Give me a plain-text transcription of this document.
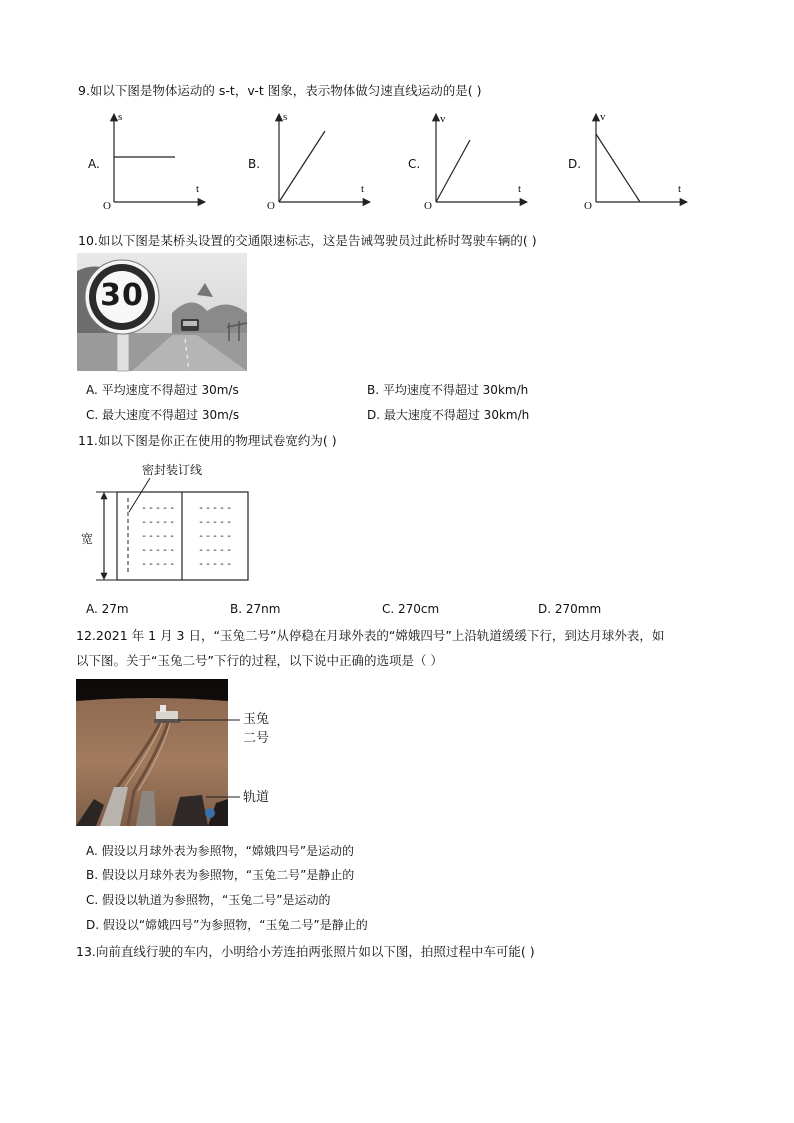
9.如以下图是物体运动的 s-t，v-t 图象，表示物体做匀速直线运动的是( )
A.
s
t
O
B.
s
t
O
C.
v
t
O
D.
v
t
O
10.如以下图是某桥头设置的交通限速标志，这是告诫驾驶员过此桥时驾驶车辆的( )
30
A. 平均速度不得超过 30m/s	B. 平均速度不得超过 30km/h
C. 最大速度不得超过 30m/s	D. 最大速度不得超过 30km/h
11.如以下图是你正在使用的物理试卷宽约为( )
密封装订线
宽
-----
-----
-----
-----
-----
-----
-----
-----
-----
-----
A. 27m	B. 27nm	C. 270cm	D. 270mm
12.2021 年 1 月 3 日，“玉兔二号”从停稳在月球外表的“嫦娥四号”上沿轨道缓缓下行，到达月球外表，如
以下图。关于“玉兔二号”下行的过程，以下说中正确的选项是（ ）
玉兔
二号
轨道
A. 假设以月球外表为参照物，“嫦娥四号”是运动的
B. 假设以月球外表为参照物，“玉兔二号”是静止的
C. 假设以轨道为参照物，“玉兔二号”是运动的
D. 假设以“嫦娥四号”为参照物，“玉兔二号”是静止的
13.向前直线行驶的车内，小明给小芳连拍两张照片如以下图，拍照过程中车可能( )
